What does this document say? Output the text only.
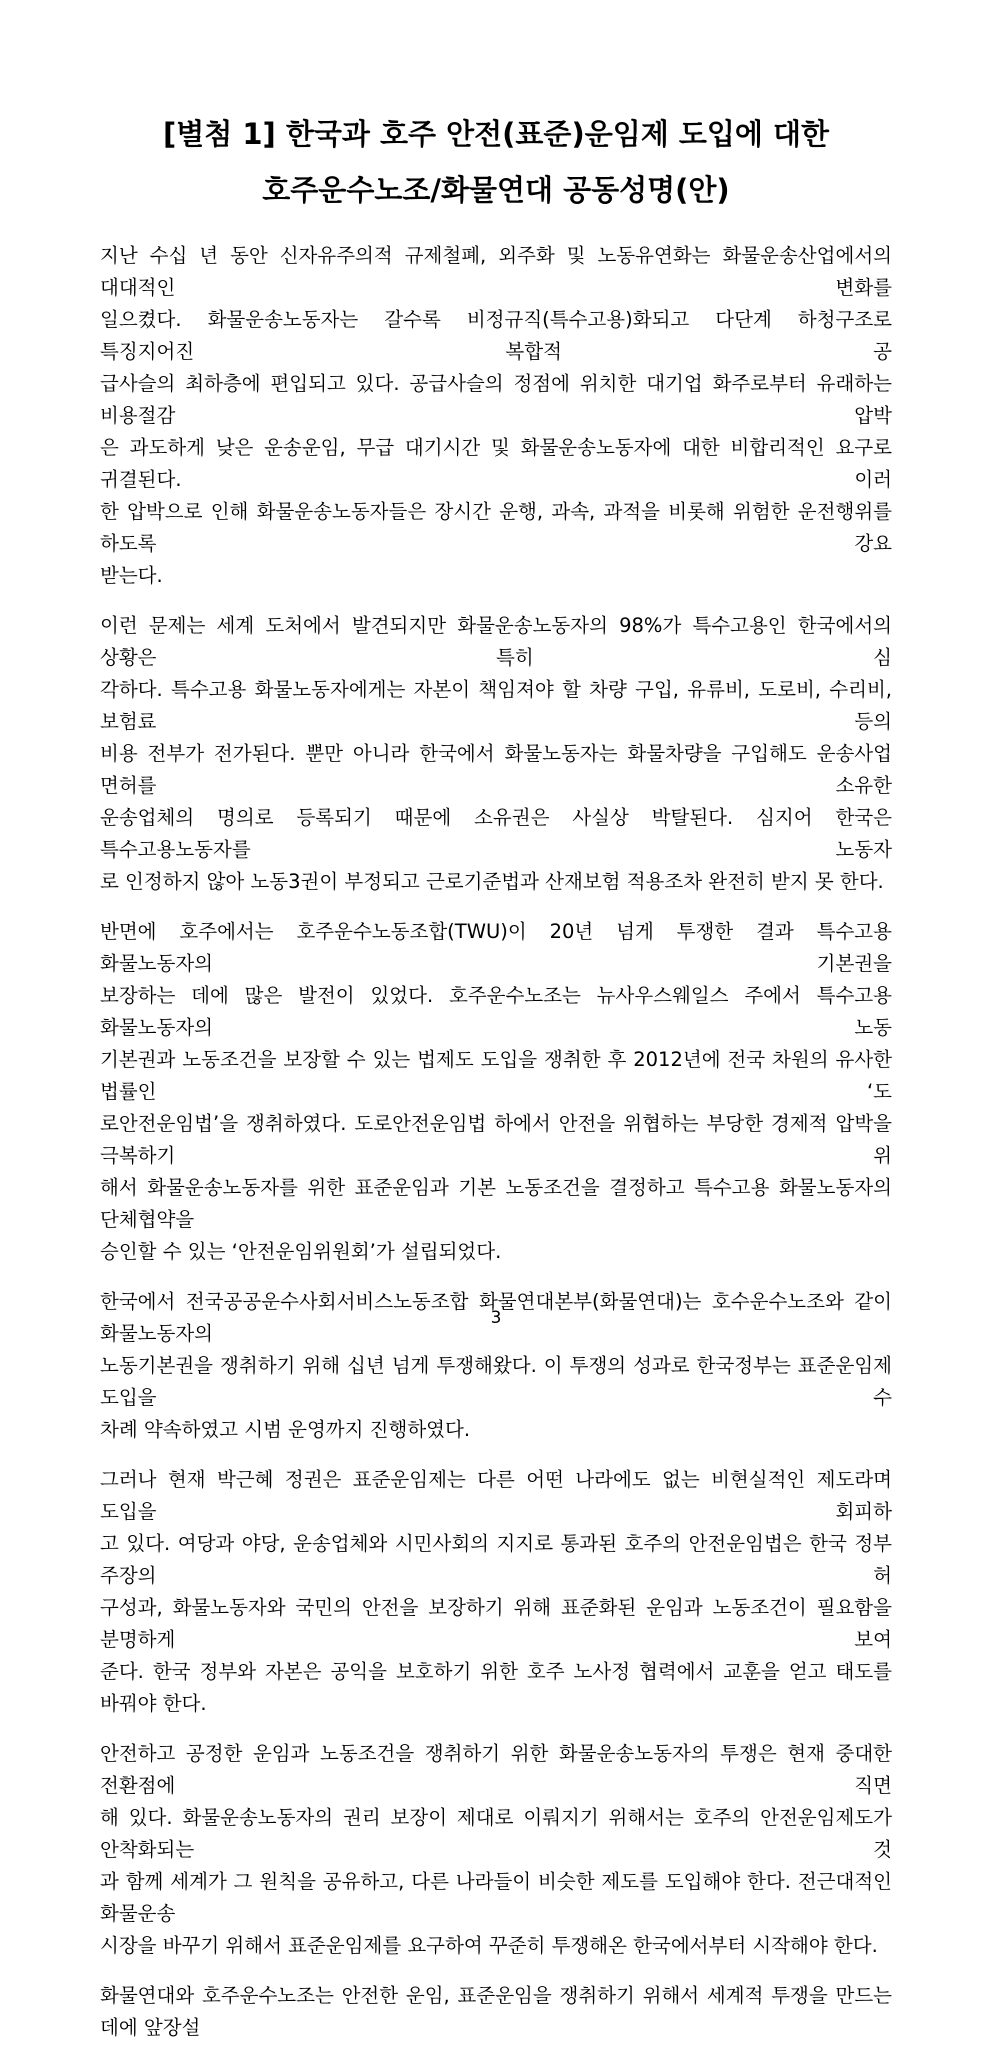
[별첨 1] 한국과 호주 안전(표준)운임제 도입에 대한
호주운수노조/화물연대 공동성명(안)
지난 수십 년 동안 신자유주의적 규제철폐, 외주화 및 노동유연화는 화물운송산업에서의 대대적인 변화를
일으켰다. 화물운송노동자는 갈수록 비정규직(특수고용)화되고 다단계 하청구조로 특징지어진 복합적 공
급사슬의 최하층에 편입되고 있다. 공급사슬의 정점에 위치한 대기업 화주로부터 유래하는 비용절감 압박
은 과도하게 낮은 운송운임, 무급 대기시간 및 화물운송노동자에 대한 비합리적인 요구로 귀결된다. 이러
한 압박으로 인해 화물운송노동자들은 장시간 운행, 과속, 과적을 비롯해 위험한 운전행위를 하도록 강요
받는다.
이런 문제는 세계 도처에서 발견되지만 화물운송노동자의 98%가 특수고용인 한국에서의 상황은 특히 심
각하다. 특수고용 화물노동자에게는 자본이 책임져야 할 차량 구입, 유류비, 도로비, 수리비, 보험료 등의
비용 전부가 전가된다. 뿐만 아니라 한국에서 화물노동자는 화물차량을 구입해도 운송사업 면허를 소유한
운송업체의 명의로 등록되기 때문에 소유권은 사실상 박탈된다. 심지어 한국은 특수고용노동자를 노동자
로 인정하지 않아 노동3권이 부정되고 근로기준법과 산재보험 적용조차 완전히 받지 못 한다.
반면에 호주에서는 호주운수노동조합(TWU)이 20년 넘게 투쟁한 결과 특수고용 화물노동자의 기본권을
보장하는 데에 많은 발전이 있었다. 호주운수노조는 뉴사우스웨일스 주에서 특수고용 화물노동자의 노동
기본권과 노동조건을 보장할 수 있는 법제도 도입을 쟁취한 후 2012년에 전국 차원의 유사한 법률인 ‘도
로안전운임법’을 쟁취하였다. 도로안전운임법 하에서 안전을 위협하는 부당한 경제적 압박을 극복하기 위
해서 화물운송노동자를 위한 표준운임과 기본 노동조건을 결정하고 특수고용 화물노동자의 단체협약을
승인할 수 있는 ‘안전운임위원회’가 설립되었다.
한국에서 전국공공운수사회서비스노동조합 화물연대본부(화물연대)는 호수운수노조와 같이 화물노동자의
노동기본권을 쟁취하기 위해 십년 넘게 투쟁해왔다. 이 투쟁의 성과로 한국정부는 표준운임제 도입을 수
차례 약속하였고 시범 운영까지 진행하였다.
그러나 현재 박근혜 정권은 표준운임제는 다른 어떤 나라에도 없는 비현실적인 제도라며 도입을 회피하
고 있다. 여당과 야당, 운송업체와 시민사회의 지지로 통과된 호주의 안전운임법은 한국 정부 주장의 허
구성과, 화물노동자와 국민의 안전을 보장하기 위해 표준화된 운임과 노동조건이 필요함을 분명하게 보여
준다. 한국 정부와 자본은 공익을 보호하기 위한 호주 노사정 협력에서 교훈을 얻고 태도를 바꿔야 한다.
안전하고 공정한 운임과 노동조건을 쟁취하기 위한 화물운송노동자의 투쟁은 현재 중대한 전환점에 직면
해 있다. 화물운송노동자의 권리 보장이 제대로 이뤄지기 위해서는 호주의 안전운임제도가 안착화되는 것
과 함께 세계가 그 원칙을 공유하고, 다른 나라들이 비슷한 제도를 도입해야 한다. 전근대적인 화물운송
시장을 바꾸기 위해서 표준운임제를 요구하여 꾸준히 투쟁해온 한국에서부터 시작해야 한다.
화물연대와 호주운수노조는 안전한 운임, 표준운임을 쟁취하기 위해서 세계적 투쟁을 만드는 데에 앞장설
3
